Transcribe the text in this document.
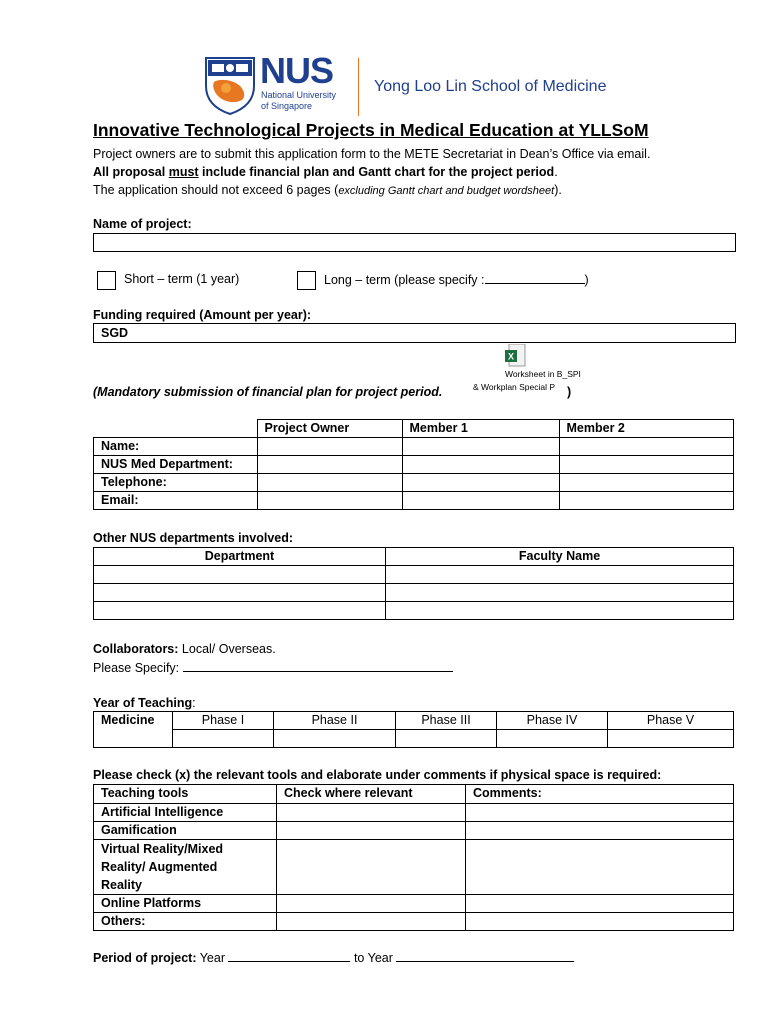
NUS
National University
of Singapore
Yong Loo Lin School of Medicine
Innovative Technological Projects in Medical Education at YLLSoM
Project owners are to submit this application form to the METE Secretariat in Dean’s Office via email.
All proposal must include financial plan and Gantt chart for the project period.
The application should not exceed 6 pages (excluding Gantt chart and budget wordsheet).
Name of project:
Short – term (1 year)	Long – term (please specify :	)
Funding required (Amount per year):
SGD
X
Worksheet in B_SPI
& Workplan Special P
(Mandatory submission of financial plan for project period.	)
	Project Owner	Member 1	Member 2
Name:			
NUS Med Department:			
Telephone:			
Email:			
Other NUS departments involved:
Department	Faculty Name

Collaborators: Local/ Overseas.
Please Specify:
Year of Teaching:
Medicine	Phase I	Phase II	Phase III	Phase IV	Phase V

Please check (x) the relevant tools and elaborate under comments if physical space is required:
Teaching tools	Check where relevant	Comments:
Artificial Intelligence		
Gamification		

Virtual Reality/Mixed
Reality/ Augmented
Reality		

Online Platforms		
Others:		
Period of project: Year	to Year
